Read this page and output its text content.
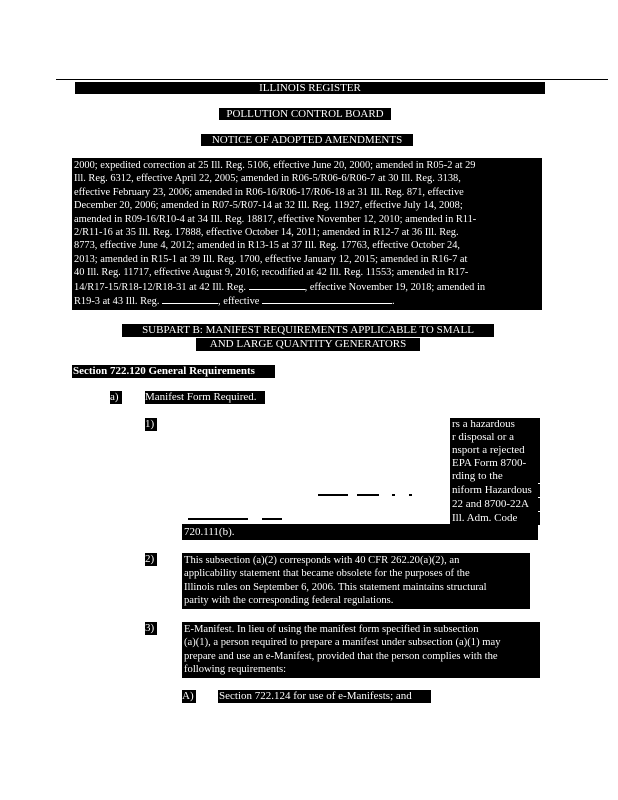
ILLINOIS REGISTER
POLLUTION CONTROL BOARD
NOTICE OF ADOPTED AMENDMENTS
2000; expedited correction at 25 Ill. Reg. 5106, effective June 20, 2000; amended in R05-2 at 29
Ill. Reg. 6312, effective April 22, 2005; amended in R06-5/R06-6/R06-7 at 30 Ill. Reg. 3138,
effective February 23, 2006; amended in R06-16/R06-17/R06-18 at 31 Ill. Reg. 871, effective
December 20, 2006; amended in R07-5/R07-14 at 32 Ill. Reg. 11927, effective July 14, 2008;
amended in R09-16/R10-4 at 34 Ill. Reg. 18817, effective November 12, 2010; amended in R11-
2/R11-16 at 35 Ill. Reg. 17888, effective October 14, 2011; amended in R12-7 at 36 Ill. Reg.
8773, effective June 4, 2012; amended in R13-15 at 37 Ill. Reg. 17763, effective October 24,
2013; amended in R15-1 at 39 Ill. Reg. 1700, effective January 12, 2015; amended in R16-7 at
40 Ill. Reg. 11717, effective August 9, 2016; recodified at 42 Ill. Reg. 11553; amended in R17-
14/R17-15/R18-12/R18-31 at 42 Ill. Reg.	, effective November 19, 2018; amended in
R19-3 at 43 Ill. Reg.	, effective	.
SUBPART B: MANIFEST REQUIREMENTS APPLICABLE TO SMALL
AND LARGE QUANTITY GENERATORS
Section 722.120 General Requirements
a)	Manifest Form Required.
1)	rs a hazardous
r disposal or a
nsport a rejected
EPA Form 8700-
rding to the
niform Hazardous
22 and 8700-22A
Ill. Adm. Code
720.111(b).
2)	This subsection (a)(2) corresponds with 40 CFR 262.20(a)(2), an
applicability statement that became obsolete for the purposes of the
Illinois rules on September 6, 2006. This statement maintains structural
parity with the corresponding federal regulations.
3)	E-Manifest. In lieu of using the manifest form specified in subsection
(a)(1), a person required to prepare a manifest under subsection (a)(1) may
prepare and use an e-Manifest, provided that the person complies with the
following requirements:
A) Section 722.124 for use of e-Manifests; and
